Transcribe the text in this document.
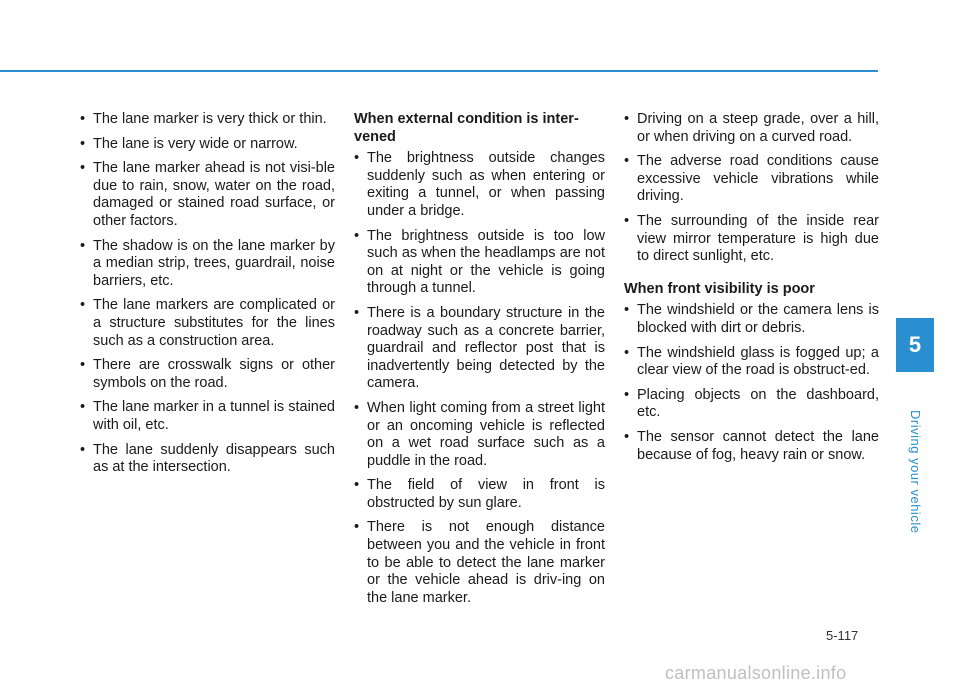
• The lane marker is very thick or thin.
• The lane is very wide or narrow.
• The lane marker ahead is not visi-ble due to rain, snow, water on the road, damaged or stained road surface, or other factors.
• The shadow is on the lane marker by a median strip, trees, guardrail, noise barriers, etc.
• The lane markers are complicated or a structure substitutes for the lines such as a construction area.
• There are crosswalk signs or other symbols on the road.
• The lane marker in a tunnel is stained with oil, etc.
• The lane suddenly disappears such as at the intersection.
When external condition is inter-vened
• The brightness outside changes suddenly such as when entering or exiting a tunnel, or when passing under a bridge.
• The brightness outside is too low such as when the headlamps are not on at night or the vehicle is going through a tunnel.
• There is a boundary structure in the roadway such as a concrete barrier, guardrail and reflector post that is inadvertently being detected by the camera.
• When light coming from a street light or an oncoming vehicle is reflected on a wet road surface such as a puddle in the road.
• The field of view in front is obstructed by sun glare.
• There is not enough distance between you and the vehicle in front to be able to detect the lane marker or the vehicle ahead is driv-ing on the lane marker.
• Driving on a steep grade, over a hill, or when driving on a curved road.
• The adverse road conditions cause excessive vehicle vibrations while driving.
• The surrounding of the inside rear view mirror temperature is high due to direct sunlight, etc.
When front visibility is poor
• The windshield or the camera lens is blocked with dirt or debris.
• The windshield glass is fogged up; a clear view of the road is obstruct-ed.
• Placing objects on the dashboard, etc.
• The sensor cannot detect the lane because of fog, heavy rain or snow.
5
Driving your vehicle
5-117
carmanualsonline.info
